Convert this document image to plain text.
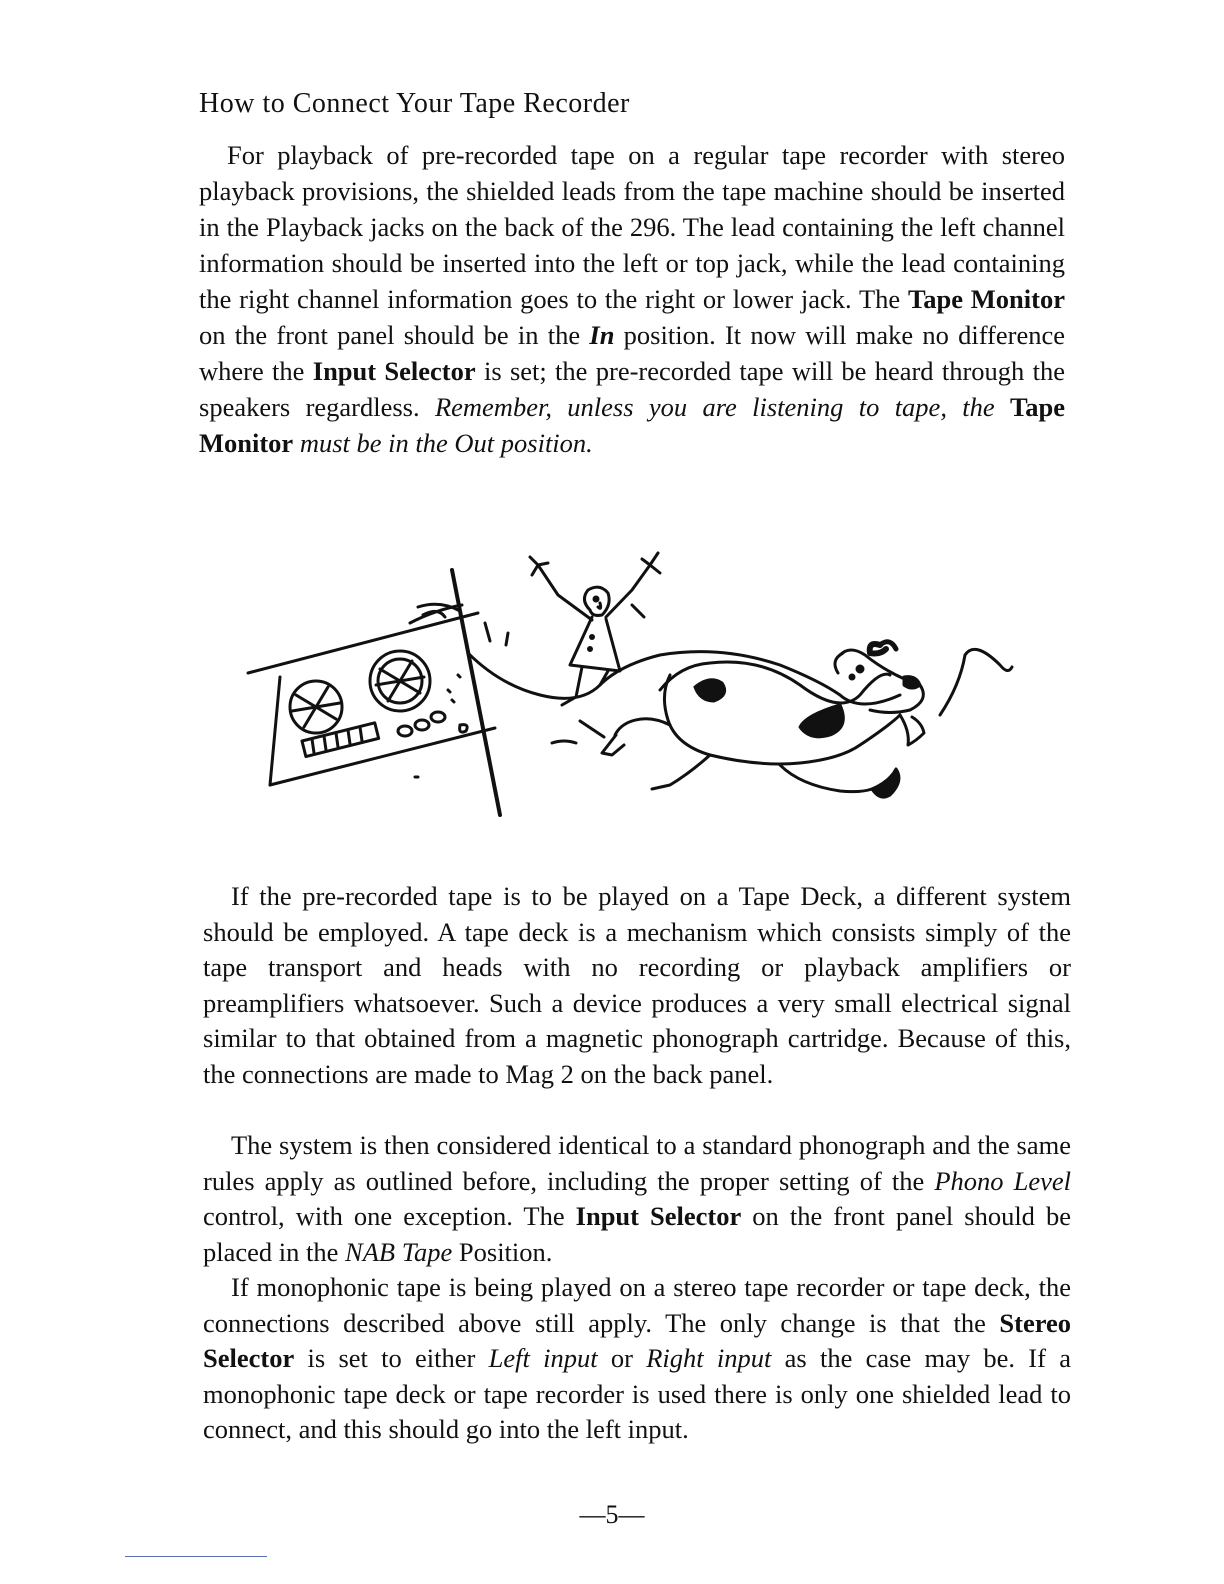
How to Connect Your Tape Recorder

For playback of pre-recorded tape on a regular tape recorder with stereo playback provisions, the shielded leads from the tape machine should be inserted in the Playback jacks on the back of the 296. The lead containing the left channel information should be inserted into the left or top jack, while the lead containing the right channel information goes to the right or lower jack. The Tape Monitor on the front panel should be in the In position. It now will make no difference where the Input Selector is set; the pre-recorded tape will be heard through the speakers regardless. Remember, unless you are listening to tape, the Tape Monitor must be in the Out position.

If the pre-recorded tape is to be played on a Tape Deck, a different system should be employed. A tape deck is a mechanism which consists simply of the tape transport and heads with no recording or playback amplifiers or preamplifiers whatsoever. Such a device produces a very small electrical signal similar to that obtained from a magnetic phonograph cartridge. Because of this, the connections are made to Mag 2 on the back panel.

The system is then considered identical to a standard phonograph and the same rules apply as outlined before, including the proper setting of the Phono Level control, with one exception. The Input Selector on the front panel should be placed in the NAB Tape Position.

If monophonic tape is being played on a stereo tape recorder or tape deck, the connections described above still apply. The only change is that the Stereo Selector is set to either Left input or Right input as the case may be. If a monophonic tape deck or tape recorder is used there is only one shielded lead to connect, and this should go into the left input.

—5—
